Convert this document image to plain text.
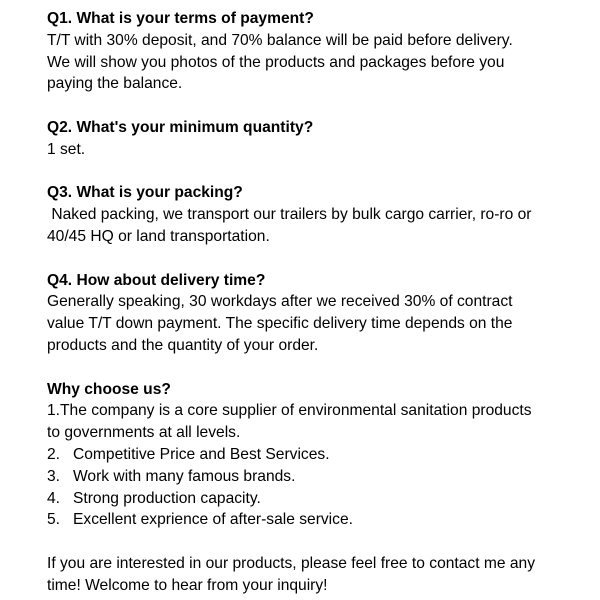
Q1. What is your terms of payment?
T/T with 30% deposit, and 70% balance will be paid before delivery.
We will show you photos of the products and packages before you
paying the balance.
Q2. What's your minimum quantity?
1 set.
Q3. What is your packing?
Naked packing, we transport our trailers by bulk cargo carrier, ro-ro or
40/45 HQ or land transportation.
Q4. How about delivery time?
Generally speaking, 30 workdays after we received 30% of contract
value T/T down payment. The specific delivery time depends on the
products and the quantity of your order.
Why choose us?
1.The company is a core supplier of environmental sanitation products
to governments at all levels.
2. Competitive Price and Best Services.
3. Work with many famous brands.
4. Strong production capacity.
5. Excellent exprience of after-sale service.
If you are interested in our products, please feel free to contact me any
time! Welcome to hear from your inquiry!
